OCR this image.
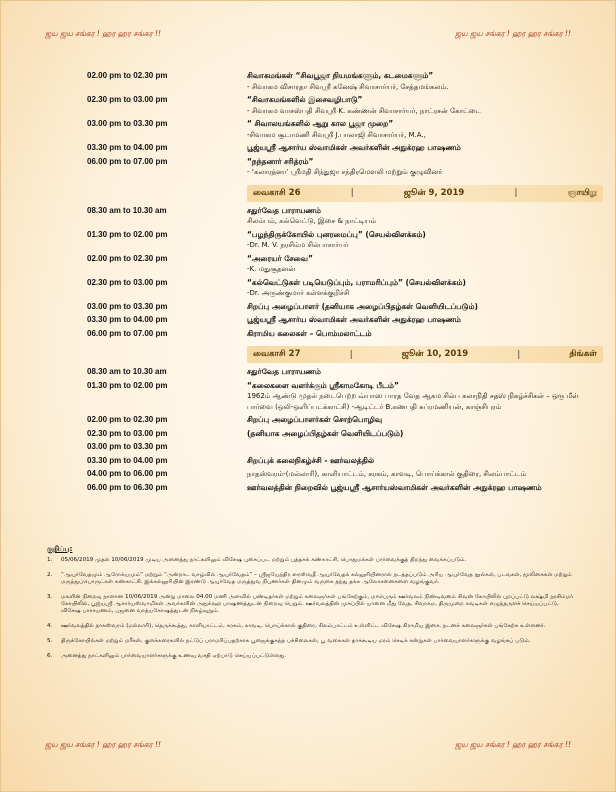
ஜய ஜய சங்கர ! ஹர ஹர சங்கர !!	ஜய ஜய சங்கர ! ஹர ஹர சங்கர !!
02.00 pm to 02.30 pm	சிவாகமங்கள் “சிவபூஜா நியமங்களும், கடமைகளும்”
- சிவாகம விசாரதா சிவஸ்ரீ கனேஷ் சிவாசார்யர், சேத்தமங்கலம்.
02.30 pm to 03.00 pm	“சிவாகமங்களில் இசைவழிபாடு”
- சிவாகம வாசஸ்பதி சிவஸ்ரீ K. கண்ணன் சிவாசார்யர், நாட்ரசன் கோட்டை
03.00 pm to 03.30 pm	“ சிவாலயங்களில் ஆறு கால பூஜா முறை”
-சிவாகம சூடாமணி சிவஸ்ரீ J.பாலாஜி சிவாசார்யர், M.A.,
03.30 pm to 04.00 pm	பூஜ்யஸ்ரீ ஆசார்ய ஸ்வாமிகள் அவர்களின் அநுக்ரஹ பாஷணம்
06.00 pm to 07.00 pm	“நந்தனார் சரித்ரம்”
- ‘கலாரத்னா’ ஸ்ரீமதி சிந்துஜா சந்திரமௌலி மற்றும் குழுவினர்
வைகாசி 26	|	ஜூன் 9, 2019	|	ஞாயிறு
08.30 am to 10.30 am	சதுர்வேத பாராயணம்
சிலம்பம், கல்வெட்டு, இசை & நாட்டியம்
01.30 pm to 02.00 pm	“பழந்திருக்கோயில் புனரமைப்பு” (செயல்விளக்கம்)
-Dr. M. V. நரசிம்ம சில்பாசார்யர்
02.00 pm to 02.30 pm	“அரையர் சேவை”
-K. மதுசூதனன்
02.30 pm to 03.00 pm	“கல்வெட்டுகள் படியெடுப்பும், பராமரிப்பும்” (செயல்விளக்கம்)
-Dr. அருண்குமார் கள்ளக்குறிச்சி
03.00 pm to 03.30 pm	சிறப்பு அழைப்பாளர் (தனியாக அழைப்பிதழ்கள் வெளியிடப்படும்)
03.30 pm to 04.00 pm	பூஜ்யஸ்ரீ ஆசார்ய ஸ்வாமிகள் அவர்களின் அநுக்ரஹ பாஷணம்
06.00 pm to 07.00 pm	கிராமிய கலைகள் – பொம்மலாட்டம்
வைகாசி 27	|	ஜூன் 10, 2019	|	திங்கள்
08.30 am to 10.30 am	சதுர்வேத பாராயணம்
01.30 pm to 02.00 pm	“கலைகளை வளர்க்கும் ஸ்ரீகாமகோடி பீடம்”
1962ம் ஆண்டு முதல் நடைபெற்ற வ்யாஸ பாரத வேத ஆகம சில்ப கலாநிதி சதஸ் நிகழ்ச்சிகள் – ஒரு மீள் பார்வை (ஒலி-ஒளிப்படக்காட்சி) -ஆடிட்டர் B.கணபதி சுப்ரமணியன், காஞ்சிபுரம்
02.00 pm to 02.30 pm	சிறப்பு அழைப்பாளர்கள் சொற்பொழிவு
02.30 pm to 03.00 pm	(தனியாக அழைப்பிதழ்கள் வெளியிடப்படும்)
03.00 pm to 03.30 pm
03.30 pm to 04.00 pm	சிறப்புக் கலைநிகழ்ச்சி - ஊர்வலத்தில்
04.00 pm to 06.00 pm	நாதஸ்வரம்-(மல்லாரி), காளியாட்டம், கரகம், காவடி, பொய்க்கால் குதிரை, சிலம்பாட்டம்
06.00 pm to 06.30 pm	ஊர்வலத்தின் நிறைவில் பூஜ்யஸ்ரீ ஆசார்யஸ்வாமிகள் அவர்களின் அநுக்ரஹ பாஷணம்
குறிப்பு:
1.	05/06/2019 முதல் 10/06/2019 முடிய அனைத்து நாட்களிலும் விசேஷ புகைப்பட மற்றும் புத்தகக் கண்காட்சி, பொதுமக்கள் பார்வைக்குத் திறந்து வைக்கப்படும்.
2.	“ஆயுர்வேதமும் ஆரோக்யமும்” மற்றும் “அன்றாட வாழ்வில் ஆயுர்வேதம்” – ஸ்ரீஜயேந்திர ஸரஸ்வதீ ஆயுர்வேதக் கல்லூரியினரால் நடத்தப்படும் அரிய ஆயுர்வேத நூல்கள், படங்கள், மூலிகைகள் மற்றும் மருந்துப்பொருட்கள் கண்காட்சி. இக்கல்லூரியின் இரண்டு ஆயுர்வேத மருத்துவ நிபுணர்கள் தினமும் வருகை தந்து தக்க ஆலோசனைகளை வழங்குவர்.
3.	மகளின் நிறைவு நாளான 10/06/2019 அன்று மாலை 04.00 மணி அளவில் பண்டிதர்கள் மற்றும் கலைஞர்கள் பங்கேற்கும், மாபெரும் ஊர்வலம் நிண்டிவனம் சிவன் கோயிலில் புறப்பட்டு லக்ஷ்மி நரசிம்மர் கோயிலில், பூஜ்யஸ்ரீ ஆசார்யஸ்வாமிகள் அவர்களின் அநுக்ரஹ பாஷணத்துடன் நிறைவு பெறும். ஊர்வலத்தின் முகப்பில் யானை மீது வேத, சிவாகம, திருமுறை சுவடிகள் எழுந்தருளச் செய்யப்பட்டு, விசேஷ பாராயணம், பஜனை வாத்யகோஷத்துடன் நிகழ்வுறும்.
4.	ஊர்வலத்தில் நாகஸ்வரம் (மல்லாரி), தெருக்கூத்து, காளியாட்டம், கரகம், காவடி, பொய்க்கால் குதிரை, சிலம்பாட்டம் உள்ளிட்ட விசேஷ கிராமிய இசை, நடனக் கலைஞர்கள் பங்கேற்க உள்ளனர்.
5.	திருக்கோயில்கள் மற்றும் மரீகள், குளக்கரைகளில் நட்டுப் பராமரிப்பதற்காக பூஜைக்குகந்த பச்சிலைகள், பூ வகைகள் தாக்கூடிய மரம் செடிக் கன்றுகள் பார்வையாளர்களுக்கு வழங்கப் படும்.
6.	அனைத்து நாட்களிலும் பார்வையாளர்களுக்கு உணவு வசதி ஏற்பாடு செய்யப்பட்டுள்ளது.
ஜய ஜய சங்கர ! ஹர ஹர சங்கர !!	ஜய ஜய சங்கர ! ஹர ஹர சங்கர !!
